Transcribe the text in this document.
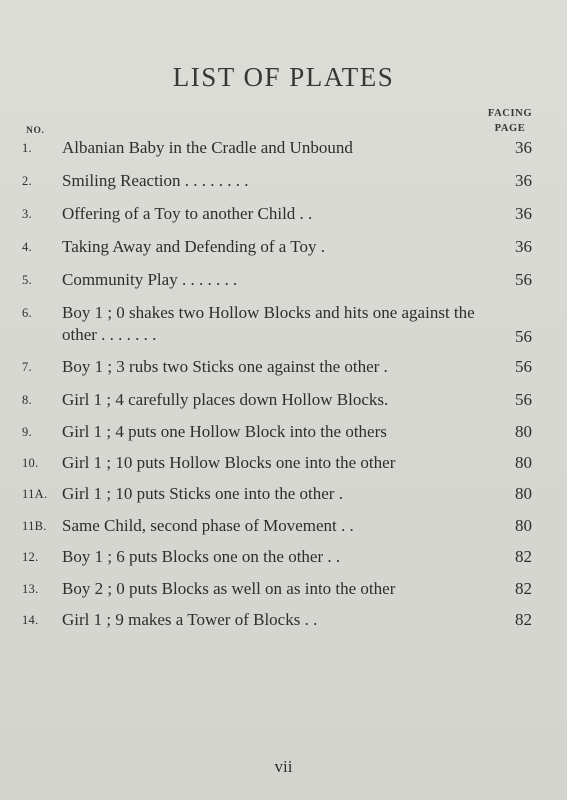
LIST OF PLATES
FACING
PAGE
NO.
1.	Albanian Baby in the Cradle and Unbound	36
2.	Smiling Reaction . . . . . . . .	36
3.	Offering of a Toy to another Child . .	36
4.	Taking Away and Defending of a Toy .	36
5.	Community Play . . . . . . .	56
6.	Boy 1 ; 0 shakes two Hollow Blocks and hits one against the other . . . . . . .	56
7.	Boy 1 ; 3 rubs two Sticks one against the other .	56
8.	Girl 1 ; 4 carefully places down Hollow Blocks.	56
9.	Girl 1 ; 4 puts one Hollow Block into the others	80
10.	Girl 1 ; 10 puts Hollow Blocks one into the other	80
11A. Girl 1 ; 10 puts Sticks one into the other .	80
11B. Same Child, second phase of Movement . .	80
12.	Boy 1 ; 6 puts Blocks one on the other . .	82
13.	Boy 2 ; 0 puts Blocks as well on as into the other	82
14.	Girl 1 ; 9 makes a Tower of Blocks . .	82
vii
